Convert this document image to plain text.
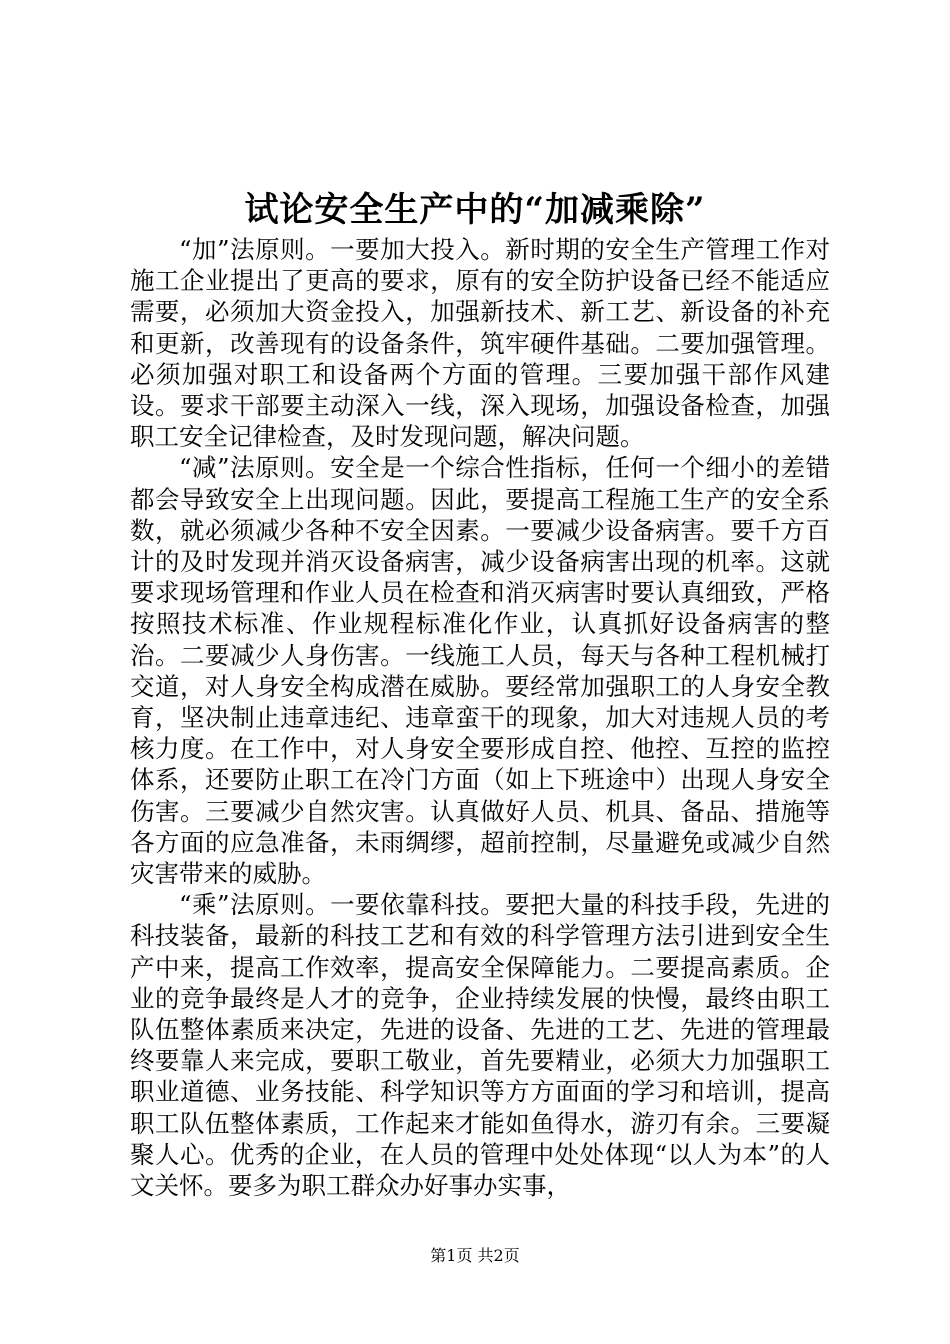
试论安全生产中的“加减乘除”

“加”法原则。一要加大投入。新时期的安全生产管理工作对施工企业提出了更高的要求，原有的安全防护设备已经不能适应需要，必须加大资金投入，加强新技术、新工艺、新设备的补充和更新，改善现有的设备条件，筑牢硬件基础。二要加强管理。必须加强对职工和设备两个方面的管理。三要加强干部作风建设。要求干部要主动深入一线，深入现场，加强设备检查，加强职工安全记律检查，及时发现问题，解决问题。

“减”法原则。安全是一个综合性指标，任何一个细小的差错都会导致安全上出现问题。因此，要提高工程施工生产的安全系数，就必须减少各种不安全因素。一要减少设备病害。要千方百计的及时发现并消灭设备病害，减少设备病害出现的机率。这就要求现场管理和作业人员在检查和消灭病害时要认真细致，严格按照技术标准、作业规程标准化作业，认真抓好设备病害的整治。二要减少人身伤害。一线施工人员，每天与各种工程机械打交道，对人身安全构成潜在威胁。要经常加强职工的人身安全教育，坚决制止违章违纪、违章蛮干的现象，加大对违规人员的考核力度。在工作中，对人身安全要形成自控、他控、互控的监控体系，还要防止职工在冷门方面（如上下班途中）出现人身安全伤害。三要减少自然灾害。认真做好人员、机具、备品、措施等各方面的应急准备，未雨绸缪，超前控制，尽量避免或减少自然灾害带来的威胁。

“乘”法原则。一要依靠科技。要把大量的科技手段，先进的科技装备，最新的科技工艺和有效的科学管理方法引进到安全生产中来，提高工作效率，提高安全保障能力。二要提高素质。企业的竞争最终是人才的竞争，企业持续发展的快慢，最终由职工队伍整体素质来决定，先进的设备、先进的工艺、先进的管理最终要靠人来完成，要职工敬业，首先要精业，必须大力加强职工职业道德、业务技能、科学知识等方方面面的学习和培训，提高职工队伍整体素质，工作起来才能如鱼得水，游刃有余。三要凝聚人心。优秀的企业，在人员的管理中处处体现“以人为本”的人文关怀。要多为职工群众办好事办实事，

第1页 共2页
